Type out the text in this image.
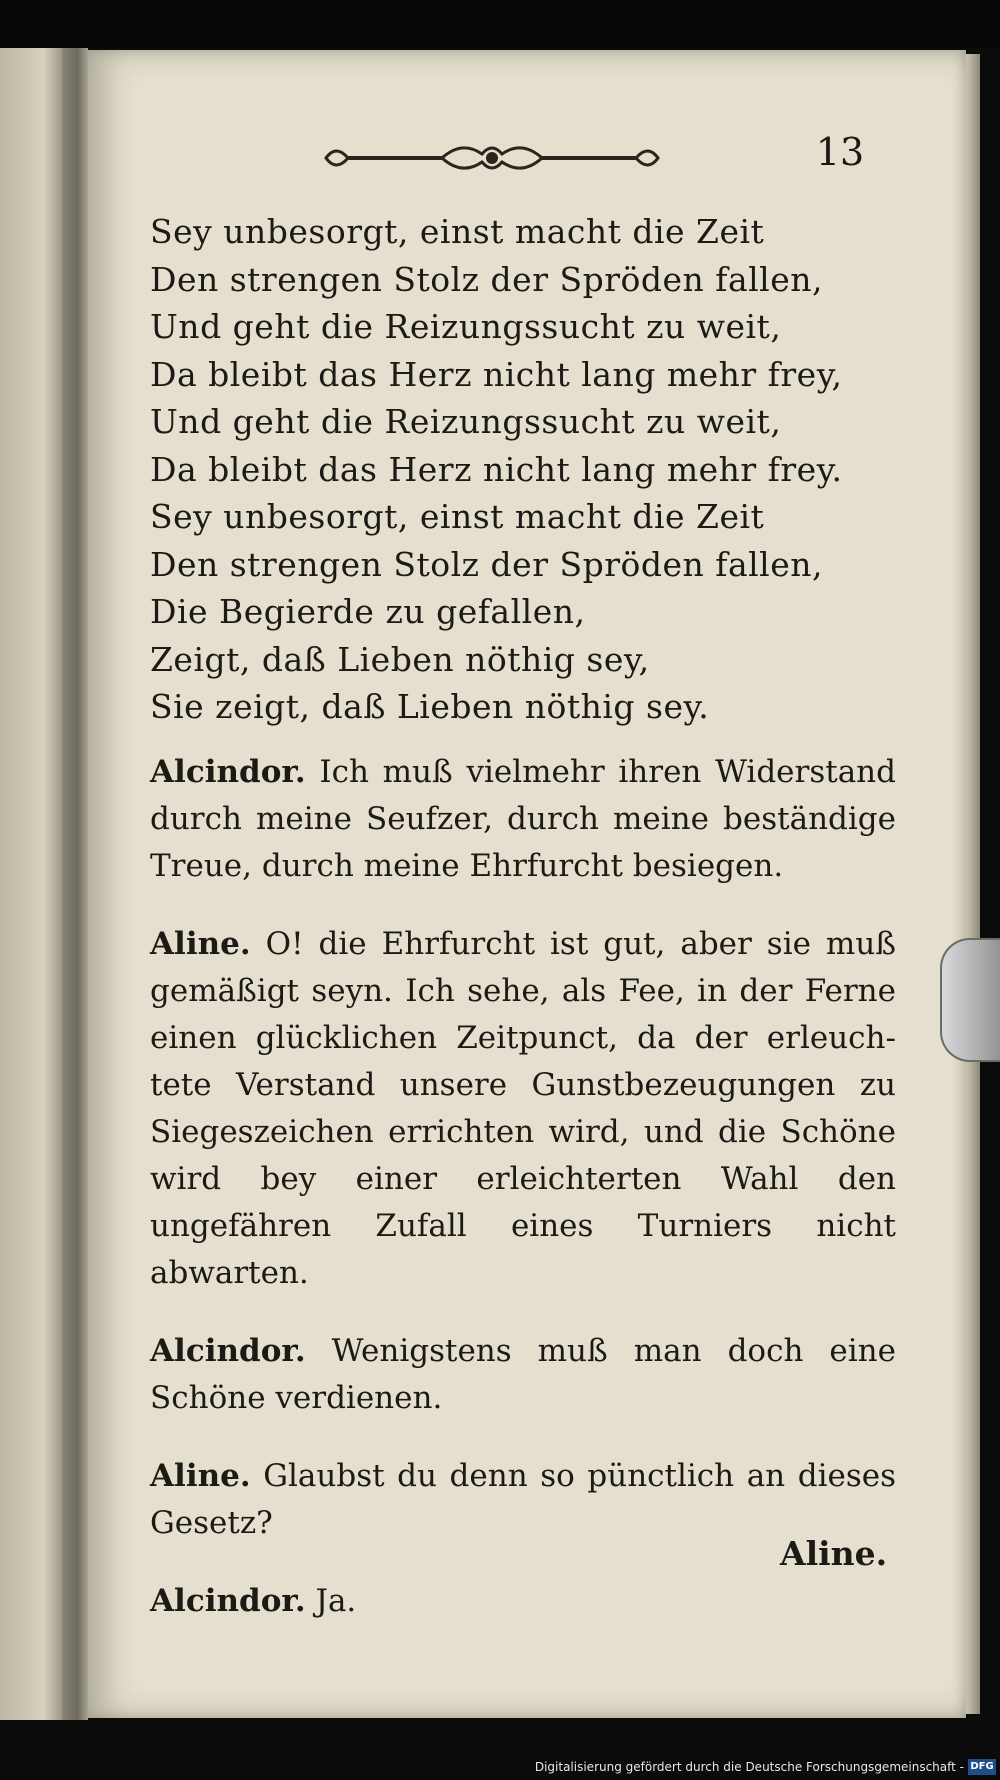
13
Sey unbesorgt, einst macht die Zeit
Den strengen Stolz der Spröden fallen,
Und geht die Reizungssucht zu weit,
Da bleibt das Herz nicht lang mehr frey,
Und geht die Reizungssucht zu weit,
Da bleibt das Herz nicht lang mehr frey.
Sey unbesorgt, einst macht die Zeit
Den strengen Stolz der Spröden fallen,
Die Begierde zu gefallen,
Zeigt, daß Lieben nöthig sey,
Sie zeigt, daß Lieben nöthig sey.

Alcindor. Ich muß vielmehr ihren Widerstand durch meine Seufzer, durch meine beständige Treue, durch meine Ehrfurcht besiegen.

Aline. O! die Ehrfurcht ist gut, aber sie muß gemäßigt seyn. Ich sehe, als Fee, in der Ferne einen glücklichen Zeitpunct, da der erleuchtete Verstand unsere Gunstbezeugungen zu Siegeszeichen errichten wird, und die Schöne wird bey einer erleichterten Wahl den ungefähren Zufall eines Turniers nicht abwarten.

Alcindor. Wenigstens muß man doch eine Schöne verdienen.

Aline. Glaubst du denn so pünctlich an dieses Gesetz?

Alcindor. Ja.

Aline.
Digitalisierung gefördert durch die Deutsche Forschungsgemeinschaft - DFG
